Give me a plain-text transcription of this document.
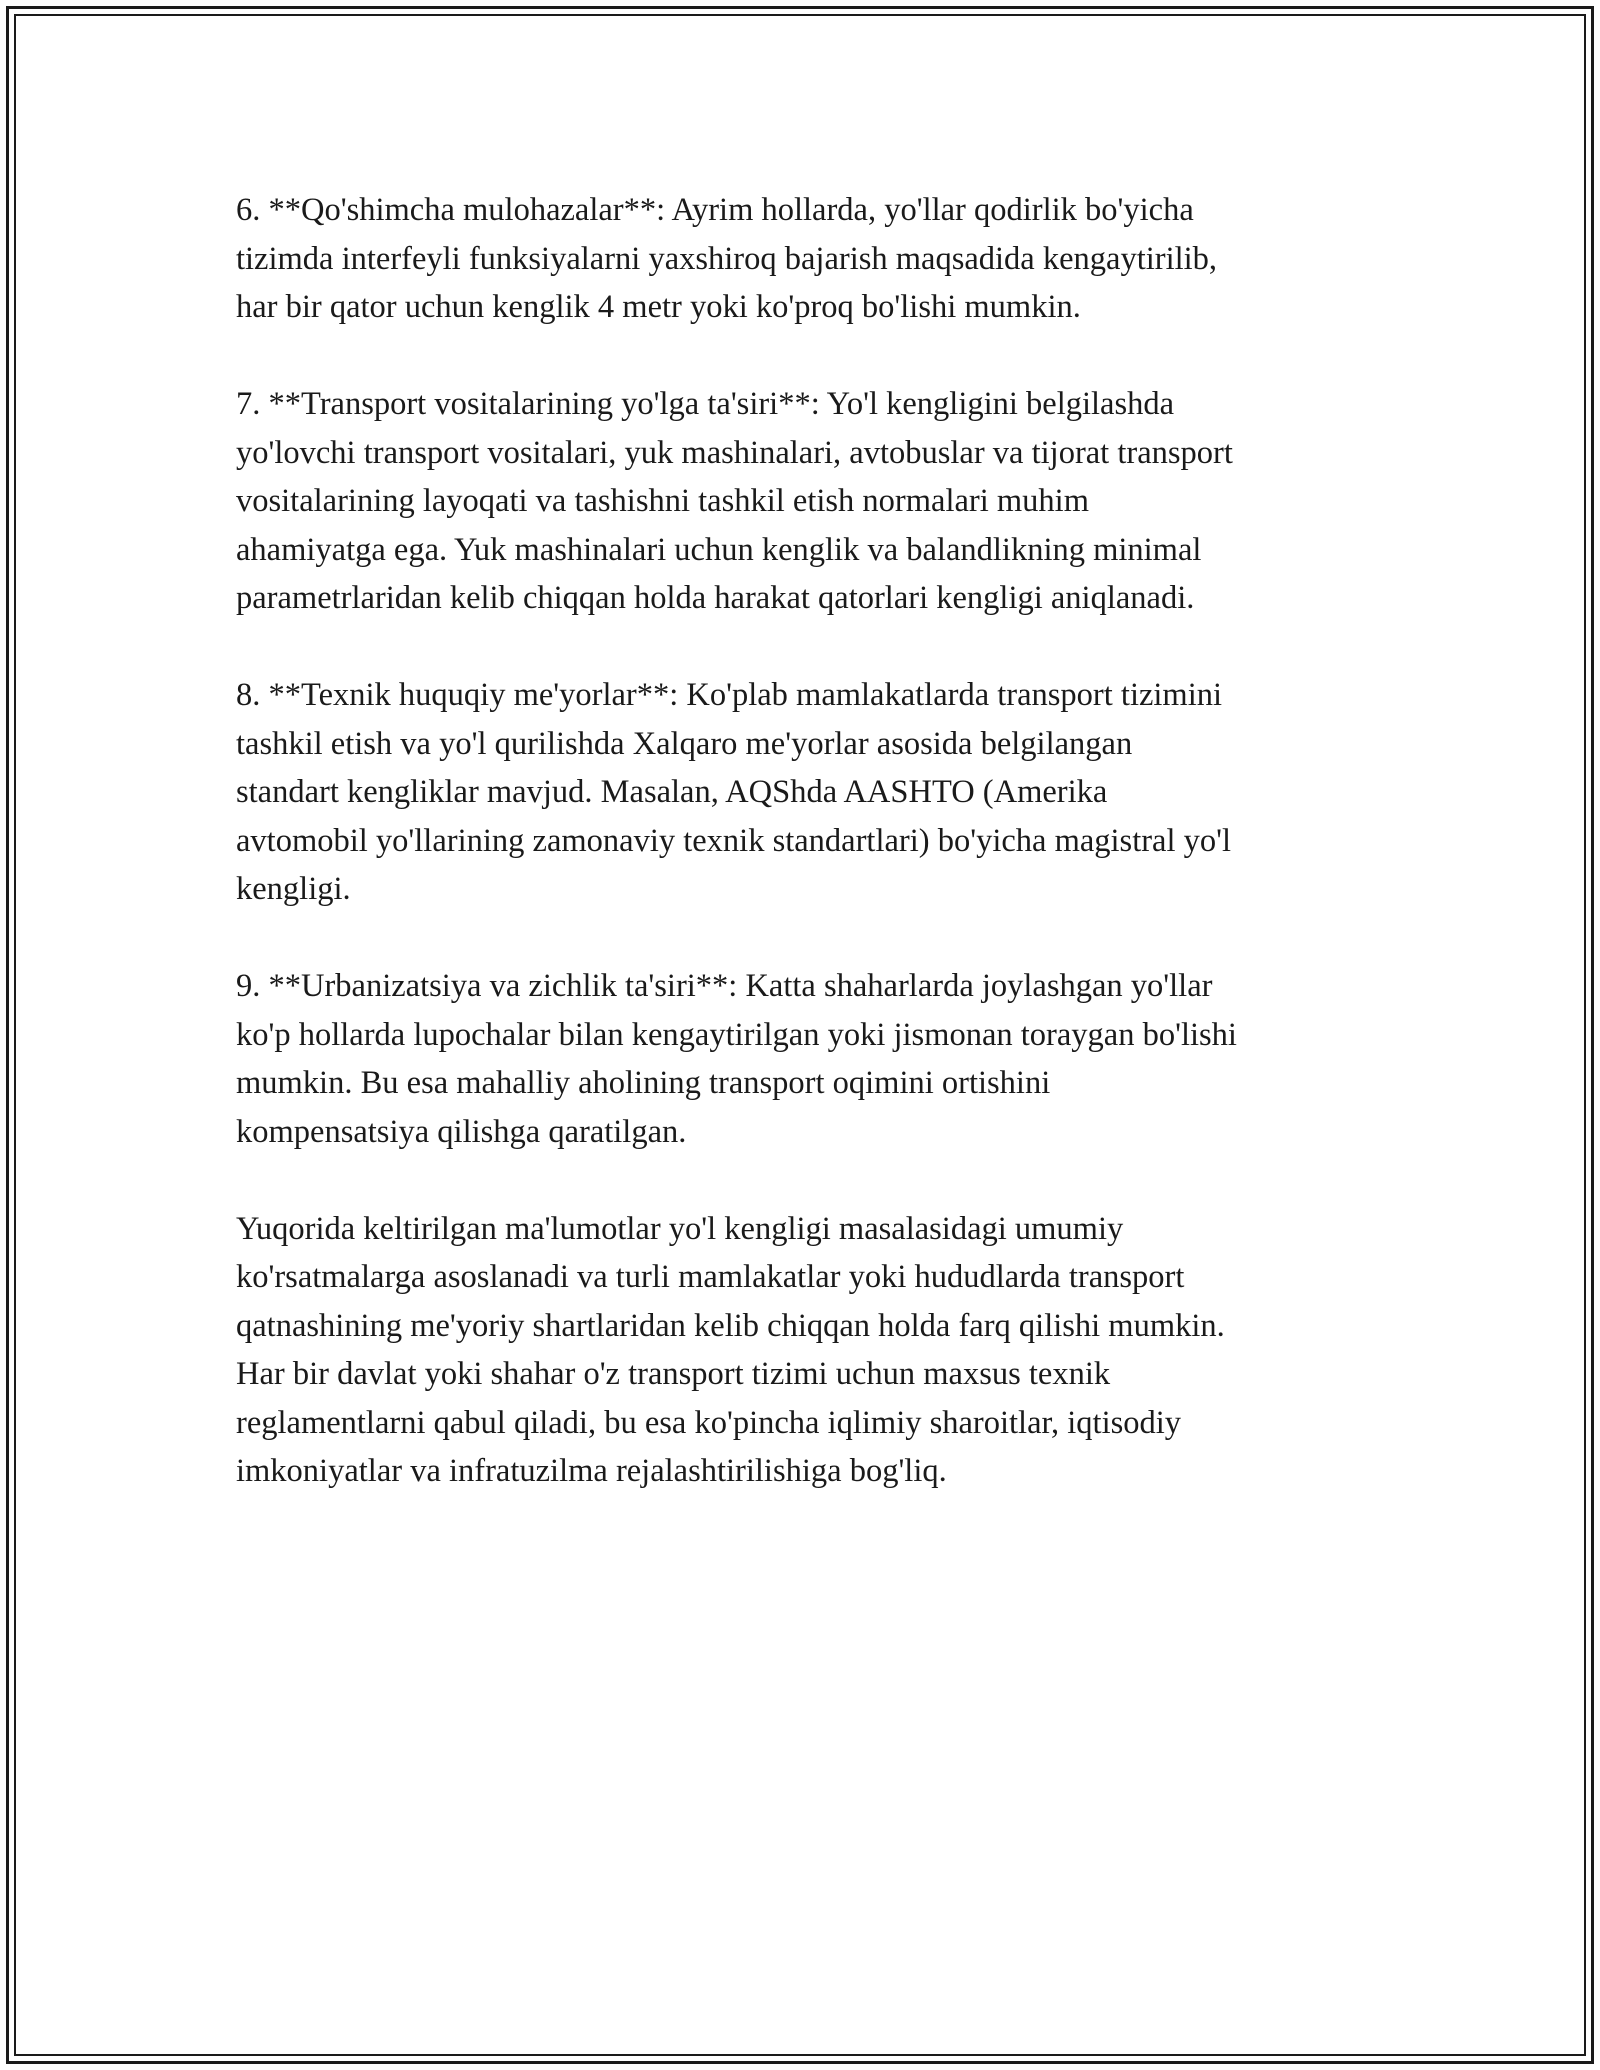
6. **Qo'shimcha mulohazalar**: Ayrim hollarda, yo'llar qodirlik bo'yicha
tizimda interfeyli funksiyalarni yaxshiroq bajarish maqsadida kengaytirilib,
har bir qator uchun kenglik 4 metr yoki ko'proq bo'lishi mumkin.

7. **Transport vositalarining yo'lga ta'siri**: Yo'l kengligini belgilashda
yo'lovchi transport vositalari, yuk mashinalari, avtobuslar va tijorat transport
vositalarining layoqati va tashishni tashkil etish normalari muhim
ahamiyatga ega. Yuk mashinalari uchun kenglik va balandlikning minimal
parametrlaridan kelib chiqqan holda harakat qatorlari kengligi aniqlanadi.

8. **Texnik huquqiy me'yorlar**: Ko'plab mamlakatlarda transport tizimini
tashkil etish va yo'l qurilishda Xalqaro me'yorlar asosida belgilangan
standart kengliklar mavjud. Masalan, AQShda AASHTO (Amerika
avtomobil yo'llarining zamonaviy texnik standartlari) bo'yicha magistral yo'l
kengligi.

9. **Urbanizatsiya va zichlik ta'siri**: Katta shaharlarda joylashgan yo'llar
ko'p hollarda lupochalar bilan kengaytirilgan yoki jismonan toraygan bo'lishi
mumkin. Bu esa mahalliy aholining transport oqimini ortishini
kompensatsiya qilishga qaratilgan.

Yuqorida keltirilgan ma'lumotlar yo'l kengligi masalasidagi umumiy
ko'rsatmalarga asoslanadi va turli mamlakatlar yoki hududlarda transport
qatnashining me'yoriy shartlaridan kelib chiqqan holda farq qilishi mumkin.
Har bir davlat yoki shahar o'z transport tizimi uchun maxsus texnik
reglamentlarni qabul qiladi, bu esa ko'pincha iqlimiy sharoitlar, iqtisodiy
imkoniyatlar va infratuzilma rejalashtirilishiga bog'liq.
